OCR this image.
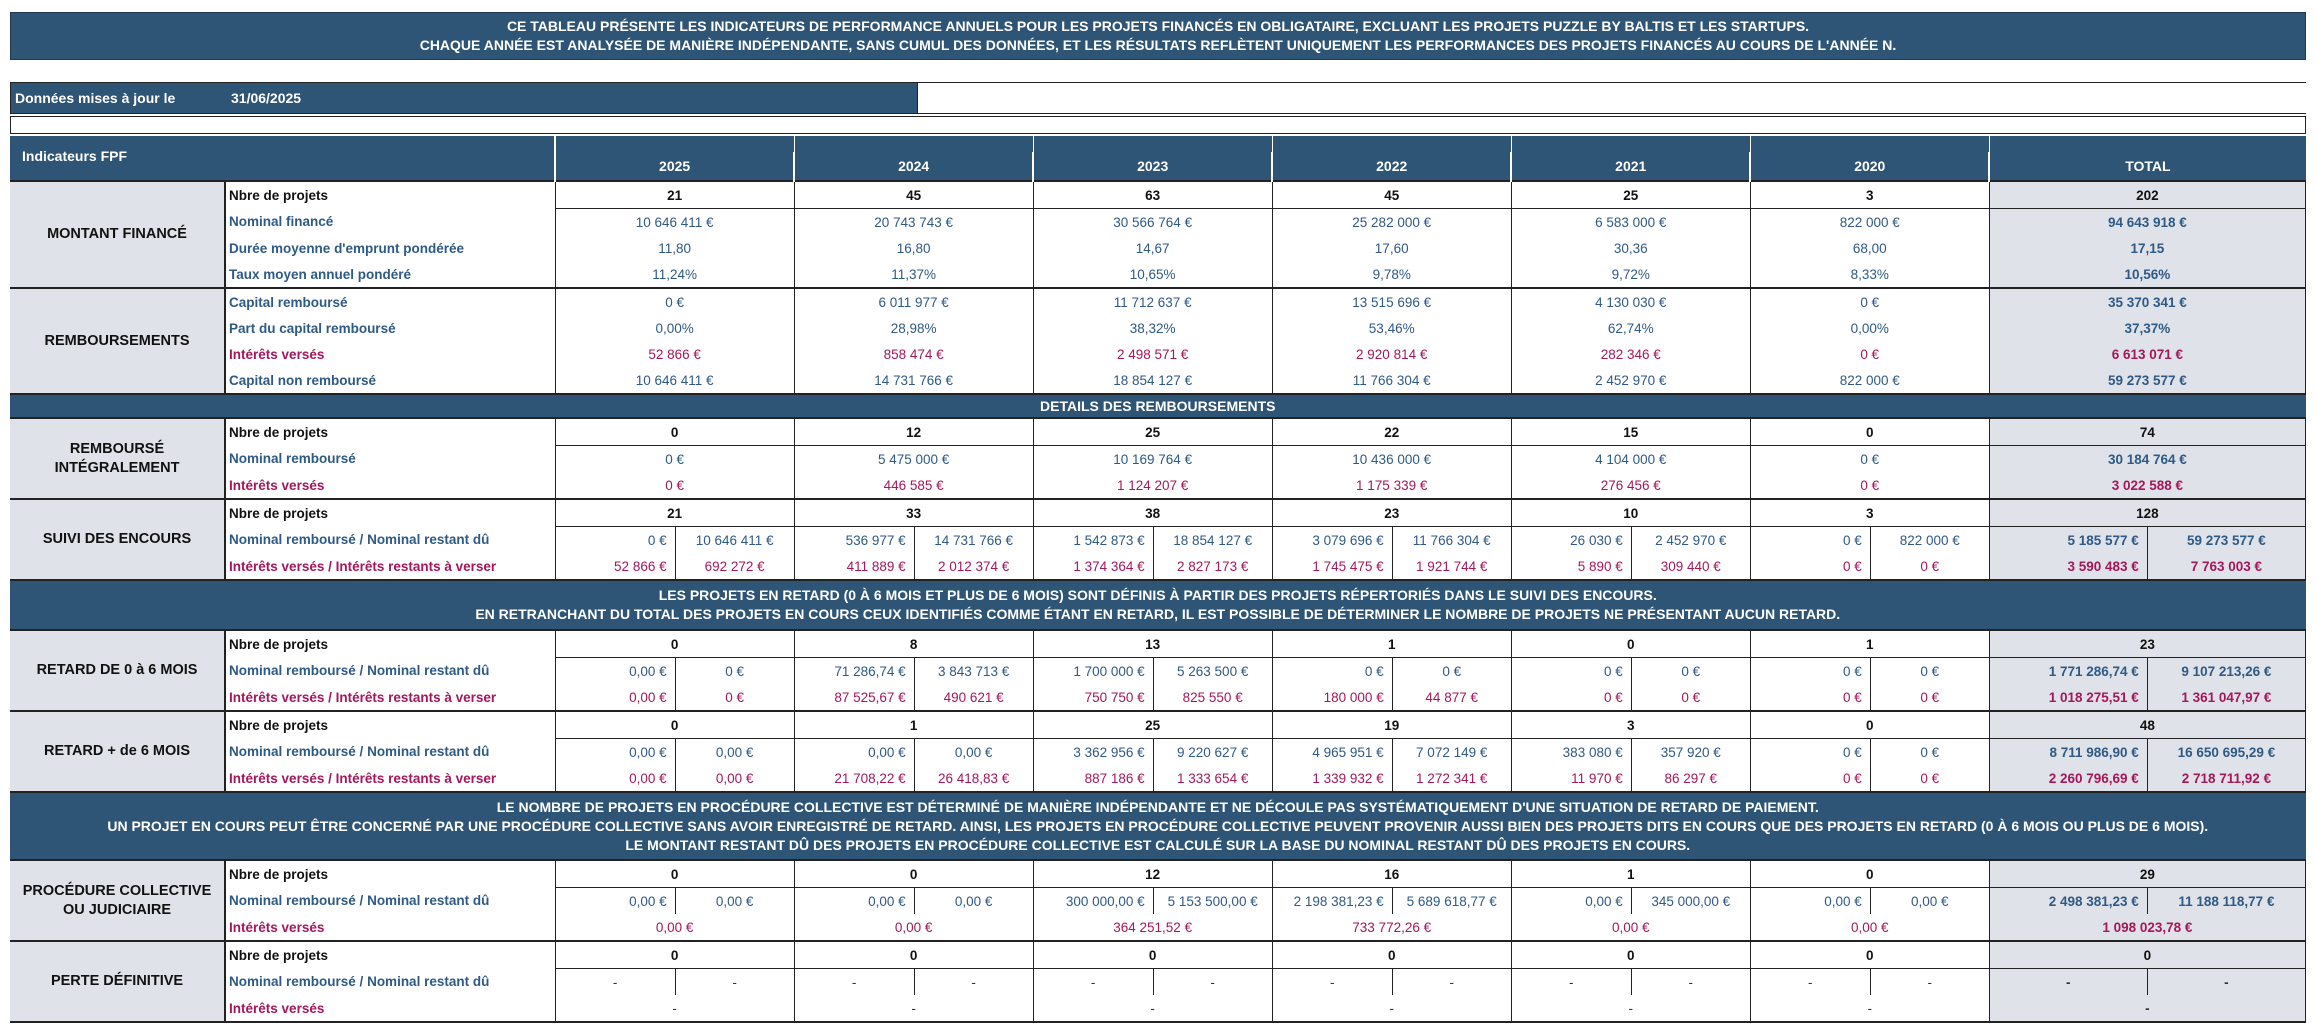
CE TABLEAU PRÉSENTE LES INDICATEURS DE PERFORMANCE ANNUELS POUR LES PROJETS FINANCÉS EN OBLIGATAIRE, EXCLUANT LES PROJETS PUZZLE BY BALTIS ET LES STARTUPS.
CHAQUE ANNÉE EST ANALYSÉE DE MANIÈRE INDÉPENDANTE, SANS CUMUL DES DONNÉES, ET LES RÉSULTATS REFLÈTENT UNIQUEMENT LES PERFORMANCES DES PROJETS FINANCÉS AU COURS DE L'ANNÉE N.
Données mises à jour le	31/06/2025
Indicateurs FPF															
		2025		2024		2023		2022		2021		2020		TOTAL	
MONTANT FINANCÉ	Nbre de projets	21		45		63		45		25		3		202	
	Nominal financé	10 646 411 €		20 743 743 €		30 566 764 €		25 282 000 €		6 583 000 €		822 000 €		94 643 918 €	
	Durée moyenne d'emprunt pondérée	11,80		16,80		14,67		17,60		30,36		68,00		17,15	
	Taux moyen annuel pondéré	11,24%		11,37%		10,65%		9,78%		9,72%		8,33%		10,56%	
REMBOURSEMENTS	Capital remboursé	0 €		6 011 977 €		11 712 637 €		13 515 696 €		4 130 030 €		0 €		35 370 341 €	
	Part du capital remboursé	0,00%		28,98%		38,32%		53,46%		62,74%		0,00%		37,37%	
	Intérêts versés	52 866 €		858 474 €		2 498 571 €		2 920 814 €		282 346 €		0 €		6 613 071 €	
	Capital non remboursé	10 646 411 €		14 731 766 €		18 854 127 €		11 766 304 €		2 452 970 €		822 000 €		59 273 577 €	

DETAILS DES REMBOURSEMENTS															

REMBOURSÉ INTÉGRALEMENT	Nbre de projets	0		12		25		22		15		0		74	
	Nominal remboursé	0 €		5 475 000 €		10 169 764 €		10 436 000 €		4 104 000 €		0 €		30 184 764 €	
	Intérêts versés	0 €		446 585 €		1 124 207 €		1 175 339 €		276 456 €		0 €		3 022 588 €	
SUIVI DES ENCOURS	Nbre de projets	21		33		38		23		10		3		128	
	Nominal remboursé / Nominal restant dû	0 €	10 646 411 €	536 977 €	14 731 766 €	1 542 873 €	18 854 127 €	3 079 696 €	11 766 304 €	26 030 €	2 452 970 €	0 €	822 000 €	5 185 577 €	59 273 577 €
	Intérêts versés / Intérêts restants à verser	52 866 €	692 272 €	411 889 €	2 012 374 €	1 374 364 €	2 827 173 €	1 745 475 €	1 921 744 €	5 890 €	309 440 €	0 €	0 €	3 590 483 €	7 763 003 €

LES PROJETS EN RETARD (0 À 6 MOIS ET PLUS DE 6 MOIS) SONT DÉFINIS À PARTIR DES PROJETS RÉPERTORIÉS DANS LE SUIVI DES ENCOURS.
EN RETRANCHANT DU TOTAL DES PROJETS EN COURS CEUX IDENTIFIÉS COMME ÉTANT EN RETARD, IL EST POSSIBLE DE DÉTERMINER LE NOMBRE DE PROJETS NE PRÉSENTANT AUCUN RETARD.															

RETARD DE 0 à 6 MOIS	Nbre de projets	0		8		13		1		0		1		23	
	Nominal remboursé / Nominal restant dû	0,00 €	0 €	71 286,74 €	3 843 713 €	1 700 000 €	5 263 500 €	0 €	0 €	0 €	0 €	0 €	0 €	1 771 286,74 €	9 107 213,26 €
	Intérêts versés / Intérêts restants à verser	0,00 €	0 €	87 525,67 €	490 621 €	750 750 €	825 550 €	180 000 €	44 877 €	0 €	0 €	0 €	0 €	1 018 275,51 €	1 361 047,97 €
RETARD + de 6 MOIS	Nbre de projets	0		1		25		19		3		0		48	
	Nominal remboursé / Nominal restant dû	0,00 €	0,00 €	0,00 €	0,00 €	3 362 956 €	9 220 627 €	4 965 951 €	7 072 149 €	383 080 €	357 920 €	0 €	0 €	8 711 986,90 €	16 650 695,29 €
	Intérêts versés / Intérêts restants à verser	0,00 €	0,00 €	21 708,22 €	26 418,83 €	887 186 €	1 333 654 €	1 339 932 €	1 272 341 €	11 970 €	86 297 €	0 €	0 €	2 260 796,69 €	2 718 711,92 €

LE NOMBRE DE PROJETS EN PROCÉDURE COLLECTIVE EST DÉTERMINÉ DE MANIÈRE INDÉPENDANTE ET NE DÉCOULE PAS SYSTÉMATIQUEMENT D'UNE SITUATION DE RETARD DE PAIEMENT.
UN PROJET EN COURS PEUT ÊTRE CONCERNÉ PAR UNE PROCÉDURE COLLECTIVE SANS AVOIR ENREGISTRÉ DE RETARD. AINSI, LES PROJETS EN PROCÉDURE COLLECTIVE PEUVENT PROVENIR AUSSI BIEN DES PROJETS DITS EN COURS QUE DES PROJETS EN RETARD (0 À 6 MOIS OU PLUS DE 6 MOIS).
LE MONTANT RESTANT DÛ DES PROJETS EN PROCÉDURE COLLECTIVE EST CALCULÉ SUR LA BASE DU NOMINAL RESTANT DÛ DES PROJETS EN COURS.															

PROCÉDURE COLLECTIVE OU JUDICIAIRE	Nbre de projets	0		0		12		16		1		0		29	
	Nominal remboursé / Nominal restant dû	0,00 €	0,00 €	0,00 €	0,00 €	300 000,00 €	5 153 500,00 €	2 198 381,23 €	5 689 618,77 €	0,00 €	345 000,00 €	0,00 €	0,00 €	2 498 381,23 €	11 188 118,77 €
	Intérêts versés	0,00 €		0,00 €		364 251,52 €		733 772,26 €		0,00 €		0,00 €		1 098 023,78 €	
PERTE DÉFINITIVE	Nbre de projets	0		0		0		0		0		0		0	
	Nominal remboursé / Nominal restant dû	-	-	-	-	-	-	-	-	-	-	-	-	-	-
	Intérêts versés	-		-		-		-		-		-		-	
